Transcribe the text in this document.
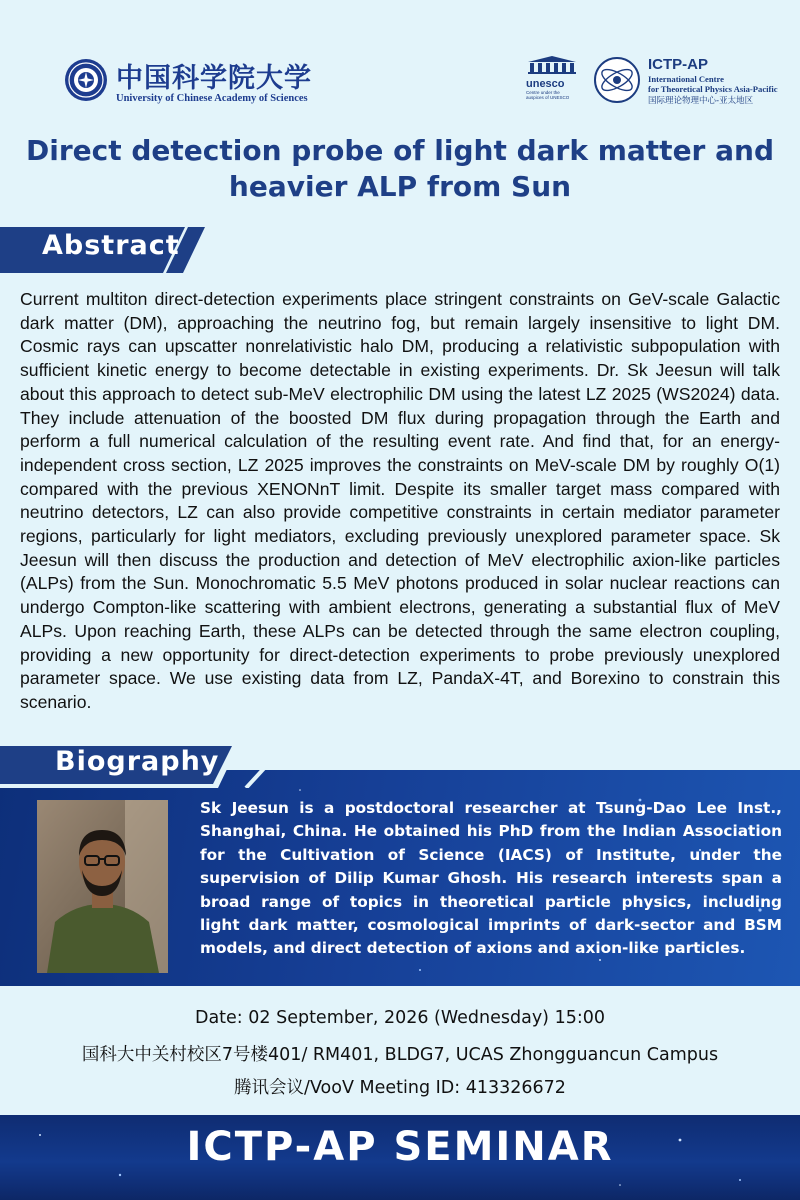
中国科学院大学
University of Chinese Academy of Sciences
unesco
Centre under the auspices of UNESCO
ICTP-AP
International Centre
for Theoretical Physics Asia-Pacific
国际理论物理中心-亚太地区
Direct detection probe of light dark matter and heavier ALP from Sun
Abstract

Current multiton direct-detection experiments place stringent constraints on GeV-scale Galactic dark matter (DM), approaching the neutrino fog, but remain largely insensitive to light DM. Cosmic rays can upscatter nonrelativistic halo DM, producing a relativistic subpopulation with sufficient kinetic energy to become detectable in existing experiments. Dr. Sk Jeesun will talk about this approach to detect sub-MeV electrophilic DM using the latest LZ 2025 (WS2024) data. They include attenuation of the boosted DM flux during propagation through the Earth and perform a full numerical calculation of the resulting event rate. And find that, for an energy-independent cross section, LZ 2025 improves the constraints on MeV-scale DM by roughly O(1) compared with the previous XENONnT limit. Despite its smaller target mass compared with neutrino detectors, LZ can also provide competitive constraints in certain mediator parameter regions, particularly for light mediators, excluding previously unexplored parameter space. Sk Jeesun will then discuss the production and detection of MeV electrophilic axion-like particles (ALPs) from the Sun. Monochromatic 5.5 MeV photons produced in solar nuclear reactions can undergo Compton-like scattering with ambient electrons, generating a substantial flux of MeV ALPs. Upon reaching Earth, these ALPs can be detected through the same electron coupling, providing a new opportunity for direct-detection experiments to probe previously unexplored parameter space. We use existing data from LZ, PandaX-4T, and Borexino to constrain this scenario.

Biography

Sk Jeesun is a postdoctoral researcher at Tsung-Dao Lee Inst., Shanghai, China. He obtained his PhD from the Indian Association for the Cultivation of Science (IACS) of Institute, under the supervision of Dilip Kumar Ghosh. His research interests span a broad range of topics in theoretical particle physics, including light dark matter, cosmological imprints of dark-sector and BSM models, and direct detection of axions and axion-like particles.

Date: 02 September, 2026 (Wednesday) 15:00
国科大中关村校区7号楼401/ RM401, BLDG7, UCAS Zhongguancun Campus
腾讯会议/VooV Meeting ID: 413326672
ICTP-AP SEMINAR
